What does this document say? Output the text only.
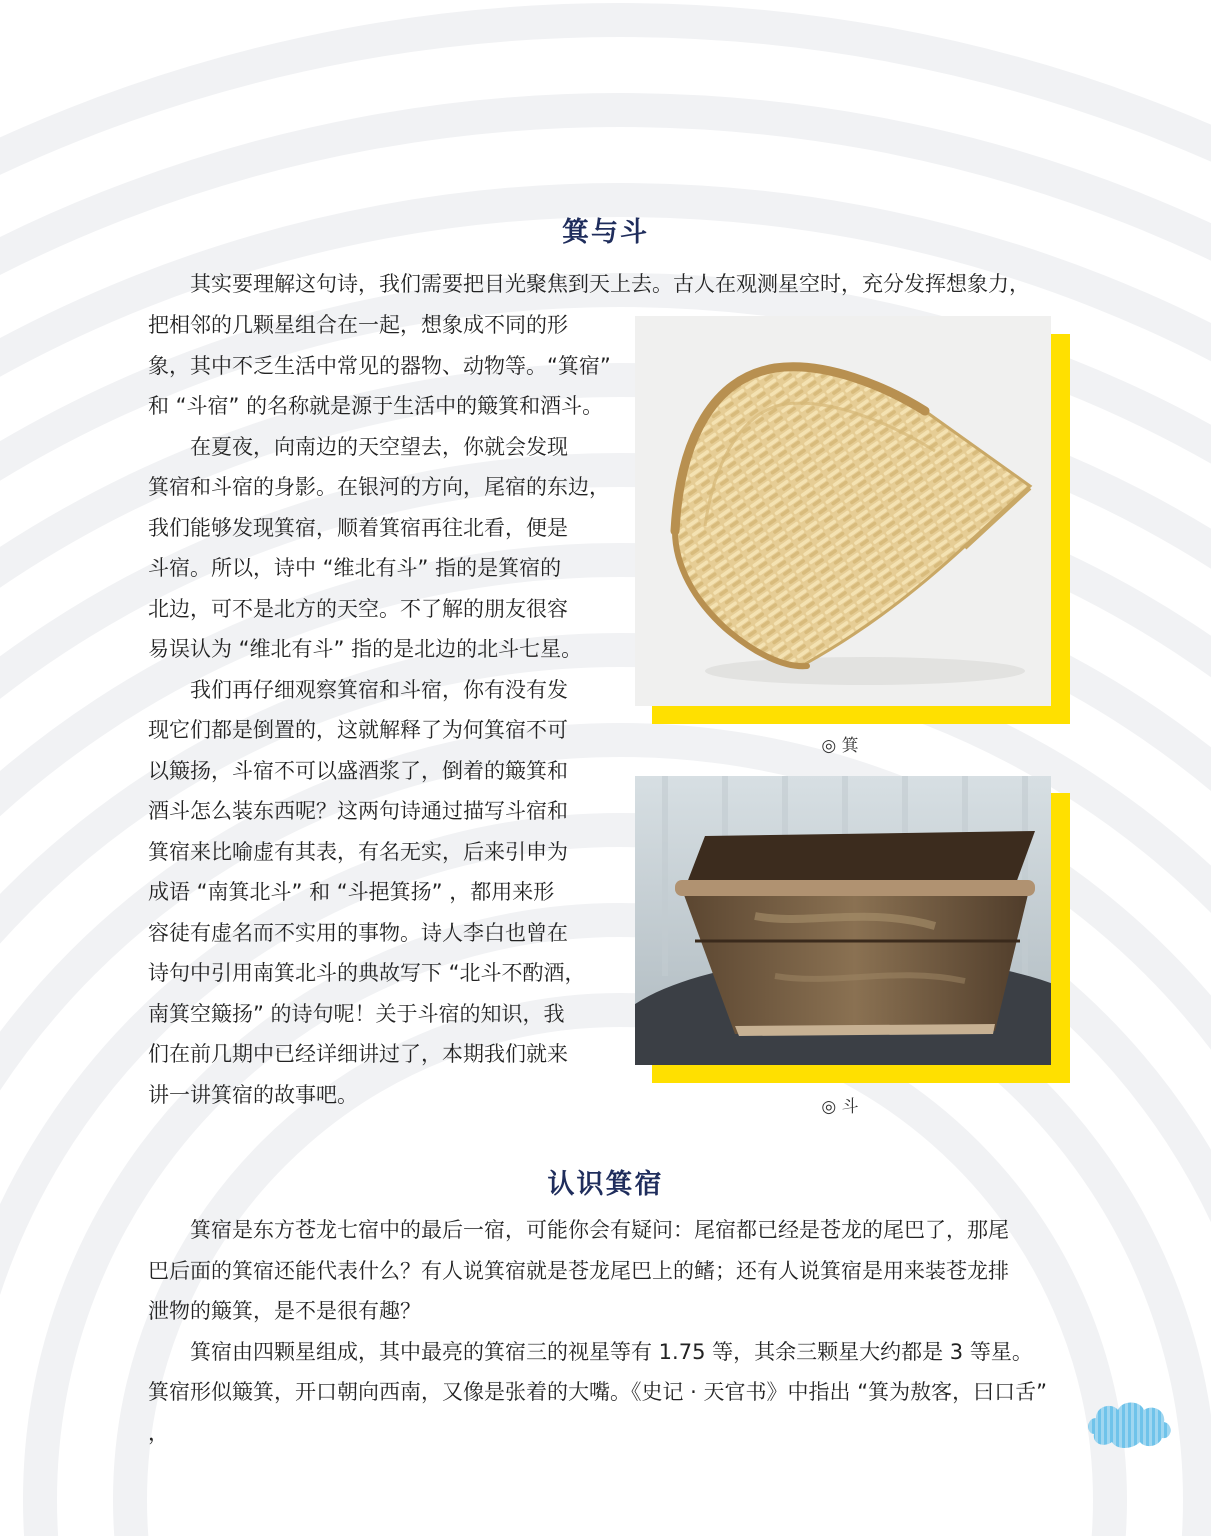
箕与斗

其实要理解这句诗，我们需要把目光聚焦到天上去。古人在观测星空时，充分发挥想象力，

把相邻的几颗星组合在一起，想象成不同的形

象，其中不乏生活中常见的器物、动物等。“箕宿”

和 “斗宿” 的名称就是源于生活中的簸箕和酒斗。

在夏夜，向南边的天空望去，你就会发现

箕宿和斗宿的身影。在银河的方向，尾宿的东边，

我们能够发现箕宿，顺着箕宿再往北看，便是

斗宿。所以，诗中 “维北有斗” 指的是箕宿的

北边，可不是北方的天空。不了解的朋友很容

易误认为 “维北有斗” 指的是北边的北斗七星。

我们再仔细观察箕宿和斗宿，你有没有发

现它们都是倒置的，这就解释了为何箕宿不可

以簸扬，斗宿不可以盛酒浆了，倒着的簸箕和

酒斗怎么装东西呢？这两句诗通过描写斗宿和

箕宿来比喻虚有其表，有名无实，后来引申为

成语 “南箕北斗” 和 “斗挹箕扬” ，都用来形

容徒有虚名而不实用的事物。诗人李白也曾在

诗句中引用南箕北斗的典故写下 “北斗不酌酒，

南箕空簸扬” 的诗句呢！关于斗宿的知识，我

们在前几期中已经详细讲过了，本期我们就来

讲一讲箕宿的故事吧。

◎ 箕
◎ 斗
认识箕宿

箕宿是东方苍龙七宿中的最后一宿，可能你会有疑问：尾宿都已经是苍龙的尾巴了，那尾

巴后面的箕宿还能代表什么？有人说箕宿就是苍龙尾巴上的鳍；还有人说箕宿是用来装苍龙排

泄物的簸箕，是不是很有趣？

箕宿由四颗星组成，其中最亮的箕宿三的视星等有 1.75 等，其余三颗星大约都是 3 等星。

箕宿形似簸箕，开口朝向西南，又像是张着的大嘴。《史记 · 天官书》中指出 “箕为敖客，曰口舌” ，
